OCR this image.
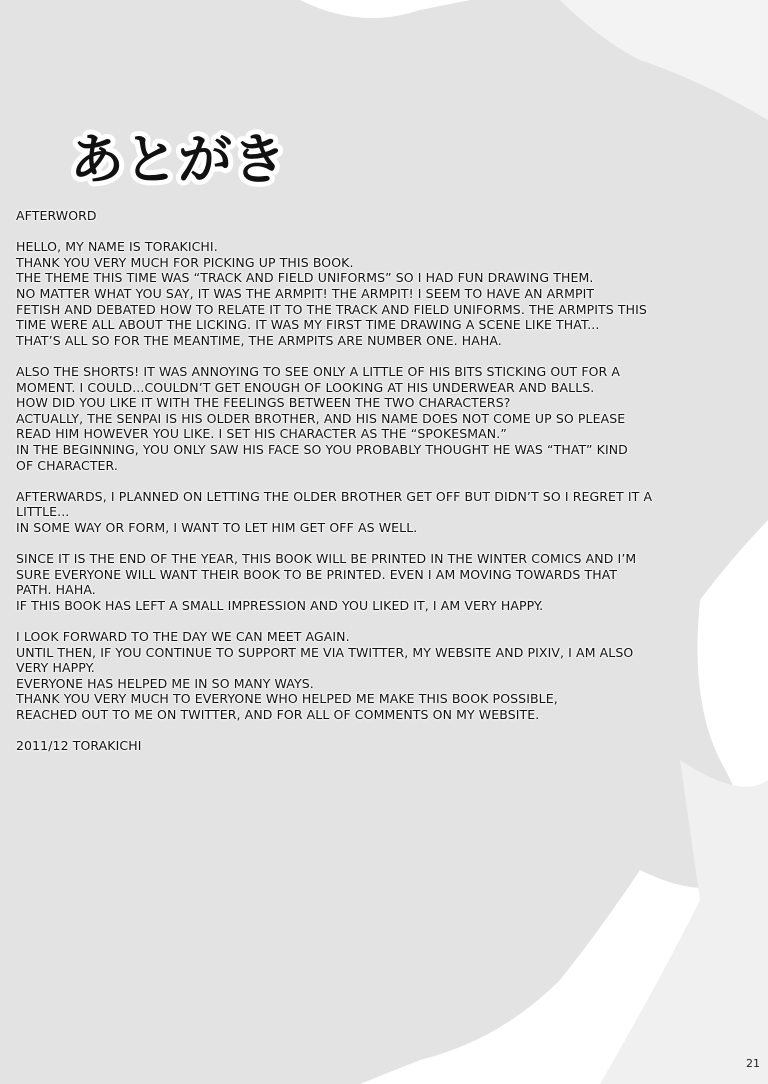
あとがき

AFTERWORD

HELLO, MY NAME IS TORAKICHI.
THANK YOU VERY MUCH FOR PICKING UP THIS BOOK.
THE THEME THIS TIME WAS “TRACK AND FIELD UNIFORMS” SO I HAD FUN DRAWING THEM.
NO MATTER WHAT YOU SAY, IT WAS THE ARMPIT! THE ARMPIT! I SEEM TO HAVE AN ARMPIT
FETISH AND DEBATED HOW TO RELATE IT TO THE TRACK AND FIELD UNIFORMS. THE ARMPITS THIS
TIME WERE ALL ABOUT THE LICKING. IT WAS MY FIRST TIME DRAWING A SCENE LIKE THAT...
THAT’S ALL SO FOR THE MEANTIME, THE ARMPITS ARE NUMBER ONE. HAHA.

ALSO THE SHORTS! IT WAS ANNOYING TO SEE ONLY A LITTLE OF HIS BITS STICKING OUT FOR A
MOMENT. I COULD...COULDN’T GET ENOUGH OF LOOKING AT HIS UNDERWEAR AND BALLS.
HOW DID YOU LIKE IT WITH THE FEELINGS BETWEEN THE TWO CHARACTERS?
ACTUALLY, THE SENPAI IS HIS OLDER BROTHER, AND HIS NAME DOES NOT COME UP SO PLEASE
READ HIM HOWEVER YOU LIKE. I SET HIS CHARACTER AS THE “SPOKESMAN.”
IN THE BEGINNING, YOU ONLY SAW HIS FACE SO YOU PROBABLY THOUGHT HE WAS “THAT” KIND
OF CHARACTER.

AFTERWARDS, I PLANNED ON LETTING THE OLDER BROTHER GET OFF BUT DIDN’T SO I REGRET IT A
LITTLE...
IN SOME WAY OR FORM, I WANT TO LET HIM GET OFF AS WELL.

SINCE IT IS THE END OF THE YEAR, THIS BOOK WILL BE PRINTED IN THE WINTER COMICS AND I’M
SURE EVERYONE WILL WANT THEIR BOOK TO BE PRINTED. EVEN I AM MOVING TOWARDS THAT
PATH. HAHA.
IF THIS BOOK HAS LEFT A SMALL IMPRESSION AND YOU LIKED IT, I AM VERY HAPPY.

I LOOK FORWARD TO THE DAY WE CAN MEET AGAIN.
UNTIL THEN, IF YOU CONTINUE TO SUPPORT ME VIA TWITTER, MY WEBSITE AND PIXIV, I AM ALSO
VERY HAPPY.
EVERYONE HAS HELPED ME IN SO MANY WAYS.
THANK YOU VERY MUCH TO EVERYONE WHO HELPED ME MAKE THIS BOOK POSSIBLE,
REACHED OUT TO ME ON TWITTER, AND FOR ALL OF COMMENTS ON MY WEBSITE.

2011/12 TORAKICHI

21
